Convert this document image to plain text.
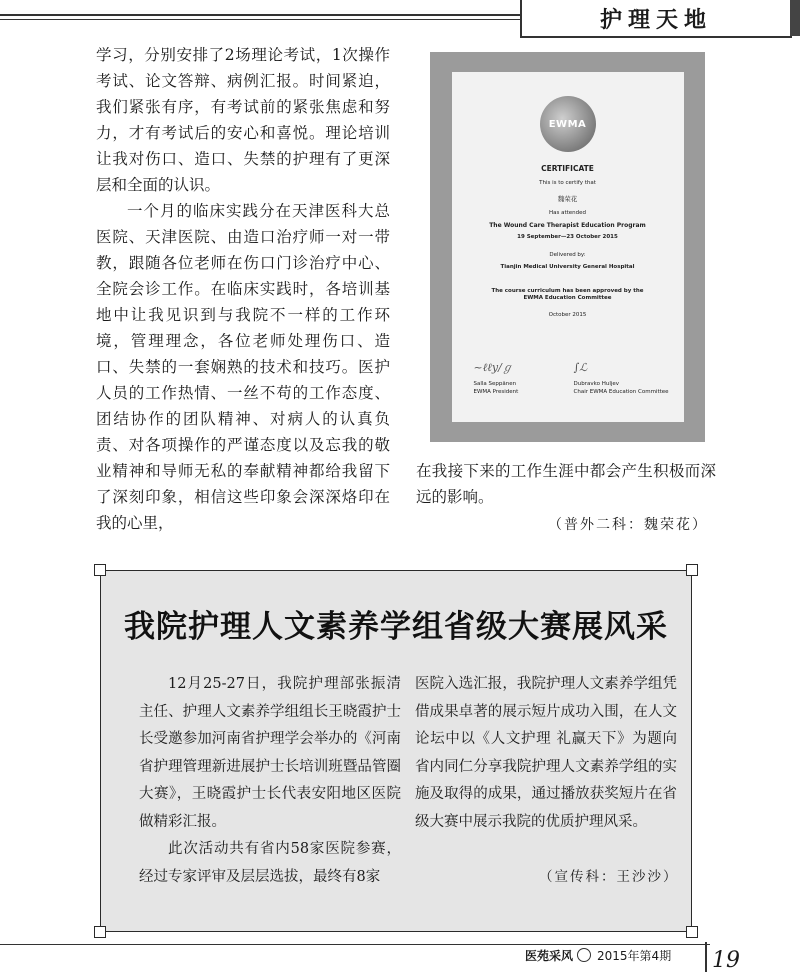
护理天地

学习，分别安排了2场理论考试，1次操作考试、论文答辩、病例汇报。时间紧迫，我们紧张有序，有考试前的紧张焦虑和努力，才有考试后的安心和喜悦。理论培训让我对伤口、造口、失禁的护理有了更深层和全面的认识。

一个月的临床实践分在天津医科大总医院、天津医院、由造口治疗师一对一带教，跟随各位老师在伤口门诊治疗中心、全院会诊工作。在临床实践时，各培训基地中让我见识到与我院不一样的工作环境，管理理念，各位老师处理伤口、造口、失禁的一套娴熟的技术和技巧。医护人员的工作热情、一丝不苟的工作态度、团结协作的团队精神、对病人的认真负责、对各项操作的严谨态度以及忘我的敬业精神和导师无私的奉献精神都给我留下了深刻印象，相信这些印象会深深烙印在我的心里，

EWMA
CERTIFICATE
This is to certify that
魏荣花
Has attended
The Wound Care Therapist Education Program
19 September—23 October 2015
Delivered by:
Tianjin Medical University General Hospital
The course curriculum has been approved by the EWMA Education Committee
October 2015
~ℓℓy∕ℊ
Salla Seppänen
EWMA President
∫ℒ
Dubravko Huljev
Chair EWMA Education Committee

在我接下来的工作生涯中都会产生积极而深远的影响。

（普外二科：魏荣花）
我院护理人文素养学组省级大赛展风采

12月25-27日，我院护理部张振清主任、护理人文素养学组组长王晓霞护士长受邀参加河南省护理学会举办的《河南省护理管理新进展护士长培训班暨品管圈大赛》，王晓霞护士长代表安阳地区医院做精彩汇报。

此次活动共有省内58家医院参赛，经过专家评审及层层选拔，最终有8家

医院入选汇报，我院护理人文素养学组凭借成果卓著的展示短片成功入围，在人文论坛中以《人文护理 礼赢天下》为题向省内同仁分享我院护理人文素养学组的实施及取得的成果，通过播放获奖短片在省级大赛中展示我院的优质护理风采。

（宣传科：王沙沙）
医苑采风 2015年第4期 19
